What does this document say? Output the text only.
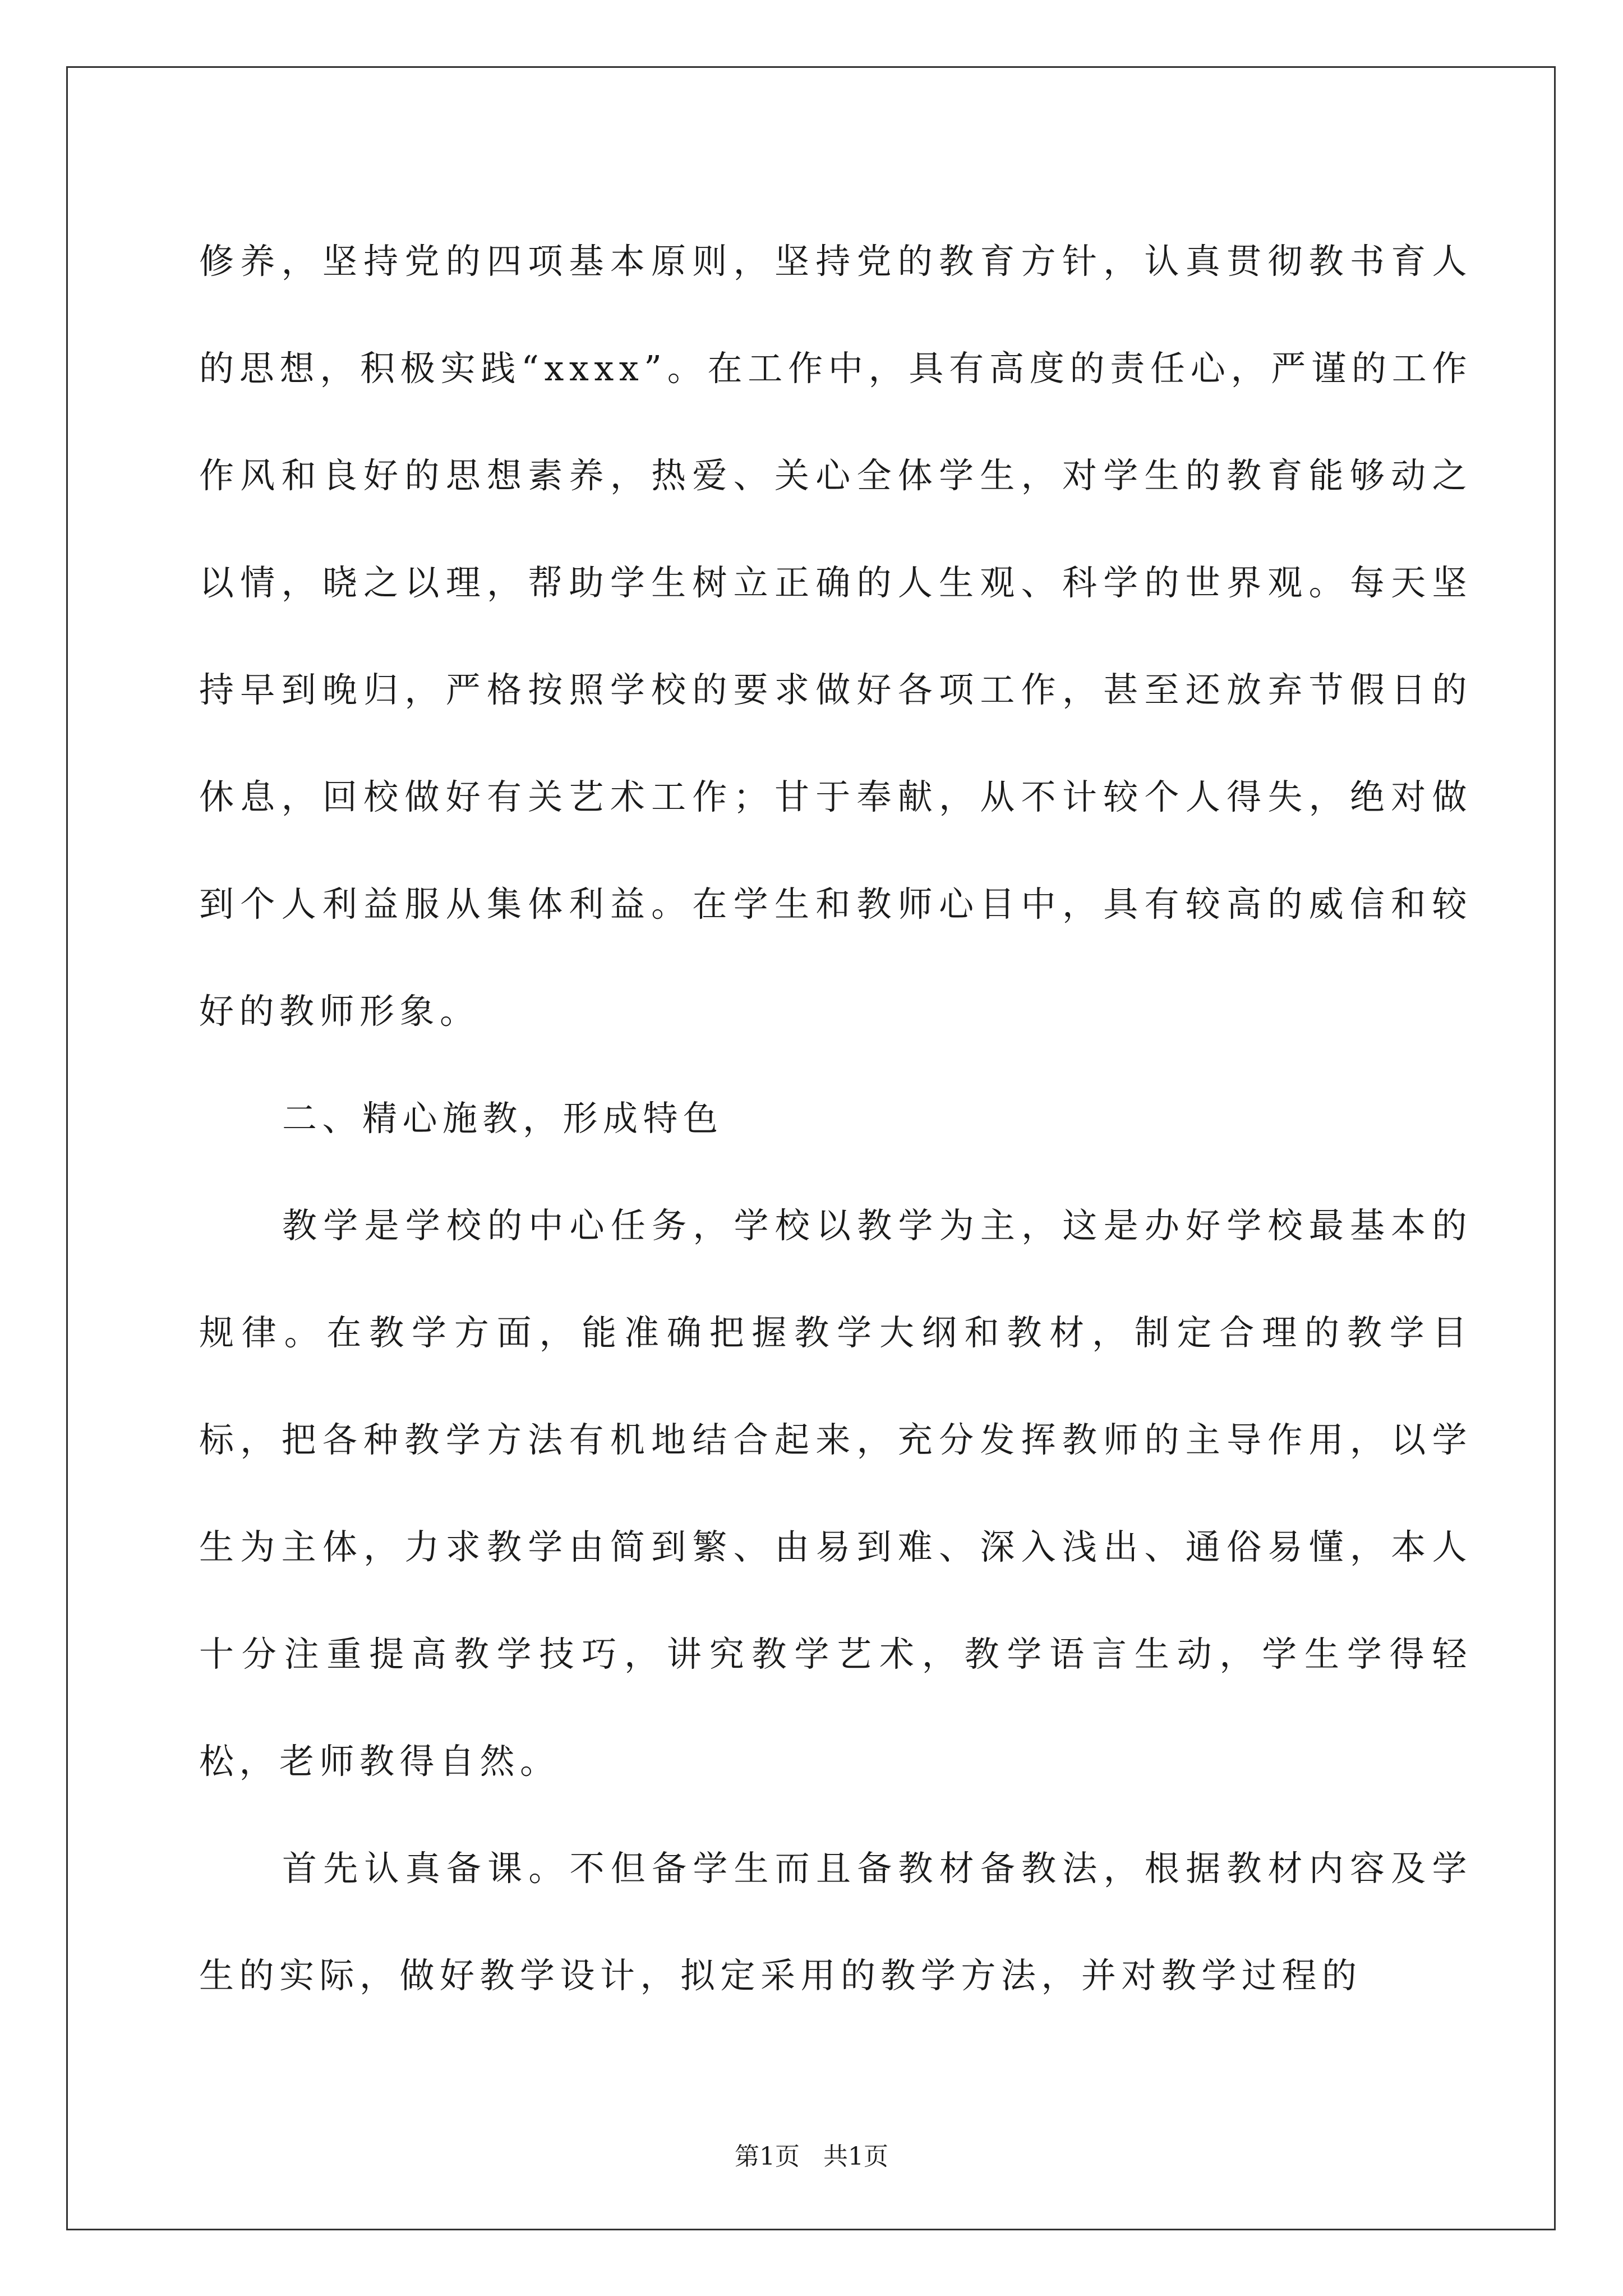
修养，坚持党的四项基本原则，坚持党的教育方针，认真贯彻教书育人的思想，积极实践“xxxx”。在工作中，具有高度的责任心，严谨的工作作风和良好的思想素养，热爱、关心全体学生，对学生的教育能够动之以情，晓之以理，帮助学生树立正确的人生观、科学的世界观。每天坚持早到晚归，严格按照学校的要求做好各项工作，甚至还放弃节假日的休息，回校做好有关艺术工作；甘于奉献，从不计较个人得失，绝对做到个人利益服从集体利益。在学生和教师心目中，具有较高的威信和较好的教师形象。

二、精心施教，形成特色

教学是学校的中心任务，学校以教学为主，这是办好学校最基本的规律。在教学方面，能准确把握教学大纲和教材，制定合理的教学目标，把各种教学方法有机地结合起来，充分发挥教师的主导作用，以学生为主体，力求教学由简到繁、由易到难、深入浅出、通俗易懂，本人十分注重提高教学技巧，讲究教学艺术，教学语言生动，学生学得轻松，老师教得自然。

首先认真备课。不但备学生而且备教材备教法，根据教材内容及学生的实际，做好教学设计，拟定采用的教学方法，并对教学过程的

第1页   共1页
